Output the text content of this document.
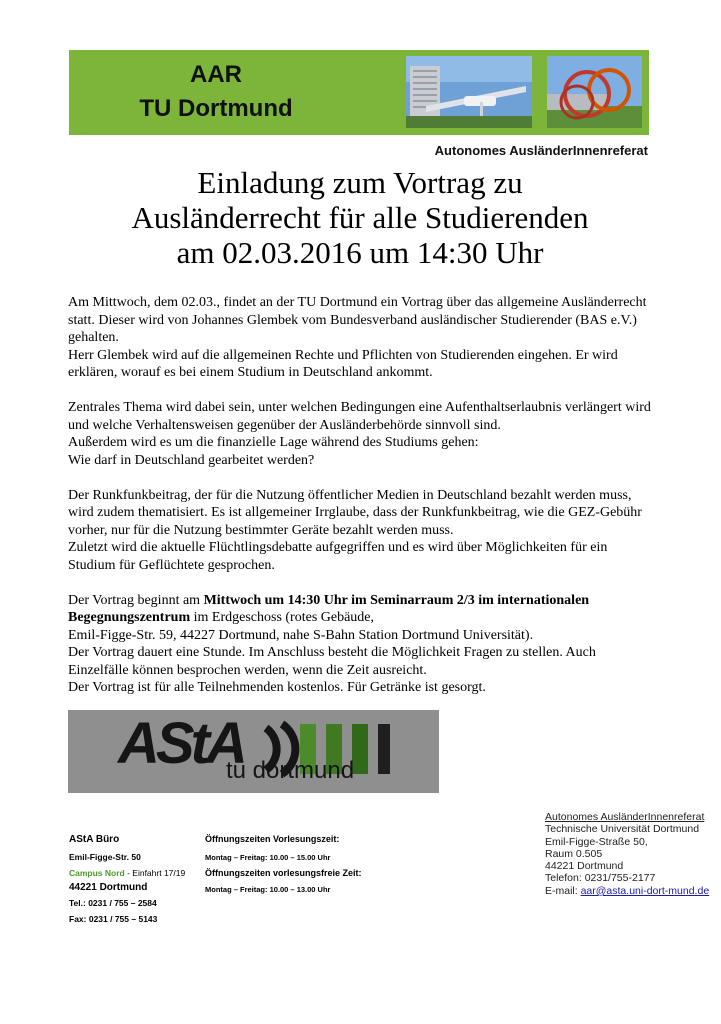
AAR
TU Dortmund
Autonomes AusländerInnenreferat
Einladung zum Vortrag zu
Ausländerrecht für alle Studierenden
am 02.03.2016 um 14:30 Uhr

Am Mittwoch, dem 02.03., findet an der TU Dortmund ein Vortrag über das allgemeine Ausländerrecht statt. Dieser wird von Johannes Glembek vom Bundesverband ausländischer Studierender (BAS e.V.) gehalten.
Herr Glembek wird auf die allgemeinen Rechte und Pflichten von Studierenden eingehen. Er wird erklären, worauf es bei einem Studium in Deutschland ankommt.

Zentrales Thema wird dabei sein, unter welchen Bedingungen eine Aufenthaltserlaubnis verlängert wird und welche Verhaltensweisen gegenüber der Ausländerbehörde sinnvoll sind.
Außerdem wird es um die finanzielle Lage während des Studiums gehen:
Wie darf in Deutschland gearbeitet werden?

Der Runkfunkbeitrag, der für die Nutzung öffentlicher Medien in Deutschland bezahlt werden muss, wird zudem thematisiert. Es ist allgemeiner Irrglaube, dass der Runkfunkbeitrag, wie die GEZ-Gebühr vorher, nur für die Nutzung bestimmter Geräte bezahlt werden muss.
Zuletzt wird die aktuelle Flüchtlingsdebatte aufgegriffen und es wird über Möglichkeiten für ein Studium für Geflüchtete gesprochen.

Der Vortrag beginnt am Mittwoch um 14:30 Uhr im Seminarraum 2/3 im internationalen Begegnungszentrum im Erdgeschoss (rotes Gebäude,
Emil-Figge-Str. 59, 44227 Dortmund, nahe S-Bahn Station Dortmund Universität).
Der Vortrag dauert eine Stunde. Im Anschluss besteht die Möglichkeit Fragen zu stellen. Auch Einzelfälle können besprochen werden, wenn die Zeit ausreicht.
Der Vortrag ist für alle Teilnehmenden kostenlos. Für Getränke ist gesorgt.

AStA
tu dortmund
AStA Büro
Emil-Figge-Str. 50
Campus Nord - Einfahrt 17/19
44221 Dortmund
Tel.: 0231 / 755 – 2584
Fax: 0231 / 755 – 5143
Öffnungszeiten Vorlesungszeit:
Montag – Freitag: 10.00 – 15.00 Uhr
Öffnungszeiten vorlesungsfreie Zeit:
Montag – Freitag: 10.00 – 13.00 Uhr
Autonomes AusländerInnenreferat
Technische Universität Dortmund
Emil-Figge-Straße 50,
Raum 0.505
44221 Dortmund
Telefon: 0231/755-2177
E-mail: aar@asta.uni-dort-mund.de
